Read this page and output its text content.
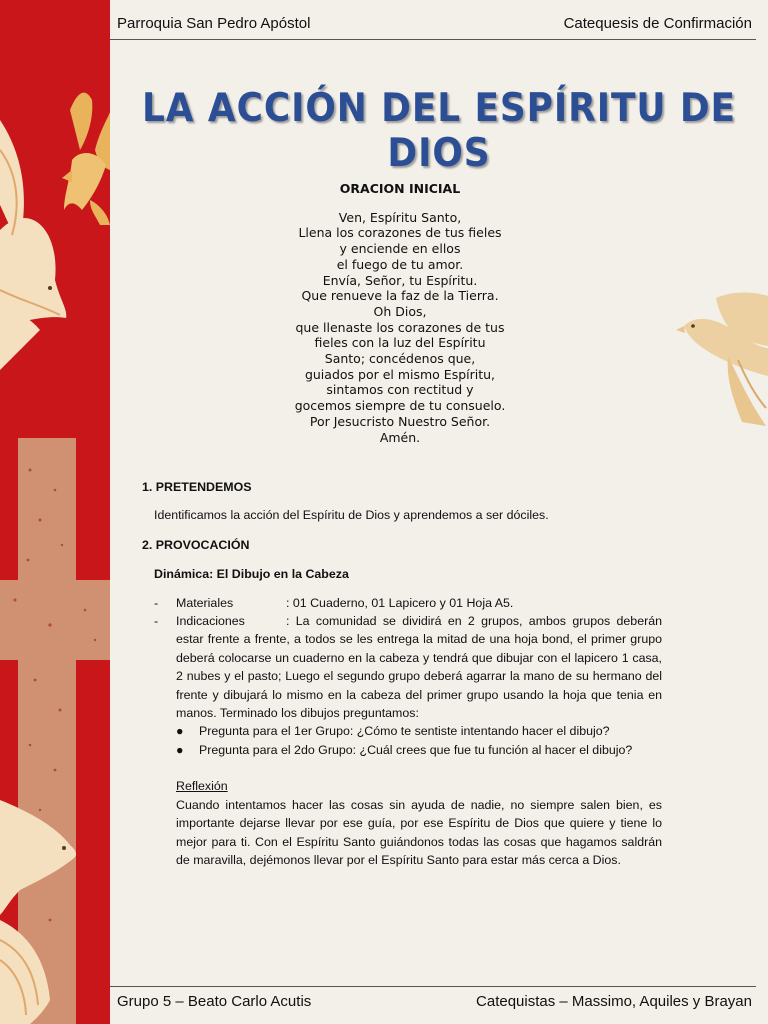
Parroquia San Pedro Apóstol	Catequesis de Confirmación
LA ACCIÓN DEL ESPÍRITU DE DIOS
ORACION INICIAL
Ven, Espíritu Santo,
Llena los corazones de tus fieles
y enciende en ellos
el fuego de tu amor.
Envía, Señor, tu Espíritu.
Que renueve la faz de la Tierra.
Oh Dios,
que llenaste los corazones de tus
fieles con la luz del Espíritu
Santo; concédenos que,
guiados por el mismo Espíritu,
sintamos con rectitud y
gocemos siempre de tu consuelo.
Por Jesucristo Nuestro Señor.
Amén.
1. PRETENDEMOS
Identificamos la acción del Espíritu de Dios y aprendemos a ser dóciles.
2. PROVOCACIÓN
Dinámica: El Dibujo en la Cabeza
-	Materiales	: 01 Cuaderno, 01 Lapicero y 01 Hoja A5.
-	Indicaciones	: La comunidad se dividirá en 2 grupos, ambos grupos deberán estar frente a frente, a todos se les entrega la mitad de una hoja bond, el primer grupo deberá colocarse un cuaderno en la cabeza y tendrá que dibujar con el lapicero 1 casa, 2 nubes y el pasto; Luego el segundo grupo deberá agarrar la mano de su hermano del frente y dibujará lo mismo en la cabeza del primer grupo usando la hoja que tenia en manos. Terminado los dibujos preguntamos:
●	Pregunta para el 1er Grupo: ¿Cómo te sentiste intentando hacer el dibujo?
●	Pregunta para el 2do Grupo: ¿Cuál crees que fue tu función al hacer el dibujo?
Reflexión
Cuando intentamos hacer las cosas sin ayuda de nadie, no siempre salen bien, es importante dejarse llevar por ese guía, por ese Espíritu de Dios que quiere y tiene lo mejor para ti. Con el Espíritu Santo guiándonos todas las cosas que hagamos saldrán de maravilla, dejémonos llevar por el Espíritu Santo para estar más cerca a Dios.
Grupo 5 – Beato Carlo Acutis	Catequistas – Massimo, Aquiles y Brayan
